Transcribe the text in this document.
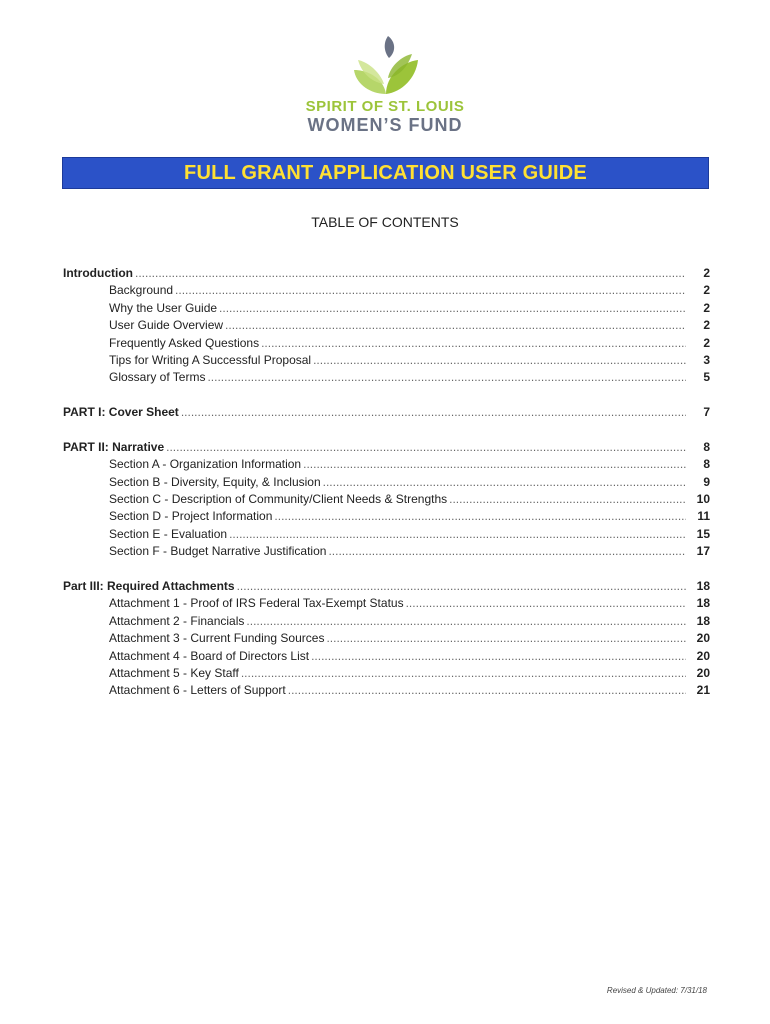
SPIRIT OF ST. LOUIS
WOMEN’S FUND
FULL GRANT APPLICATION USER GUIDE
TABLE OF CONTENTS
Introduction .....	2
Background .....	2
Why the User Guide .....	2
User Guide Overview .....	2
Frequently Asked Questions .....	2
Tips for Writing A Successful Proposal .....	3
Glossary of Terms .....	5
PART I: Cover Sheet .....	7
PART II: Narrative .....	8
Section A - Organization Information .....	8
Section B - Diversity, Equity, & Inclusion .....	9
Section C - Description of Community/Client Needs & Strengths .....	10
Section D - Project Information .....	11
Section E - Evaluation .....	15
Section F - Budget Narrative Justification .....	17
Part III: Required Attachments .....	18
Attachment 1 - Proof of IRS Federal Tax-Exempt Status .....	18
Attachment 2 - Financials .....	18
Attachment 3 - Current Funding Sources .....	20
Attachment 4 - Board of Directors List .....	20
Attachment 5 - Key Staff .....	20
Attachment 6 - Letters of Support .....	21
Revised & Updated: 7/31/18
